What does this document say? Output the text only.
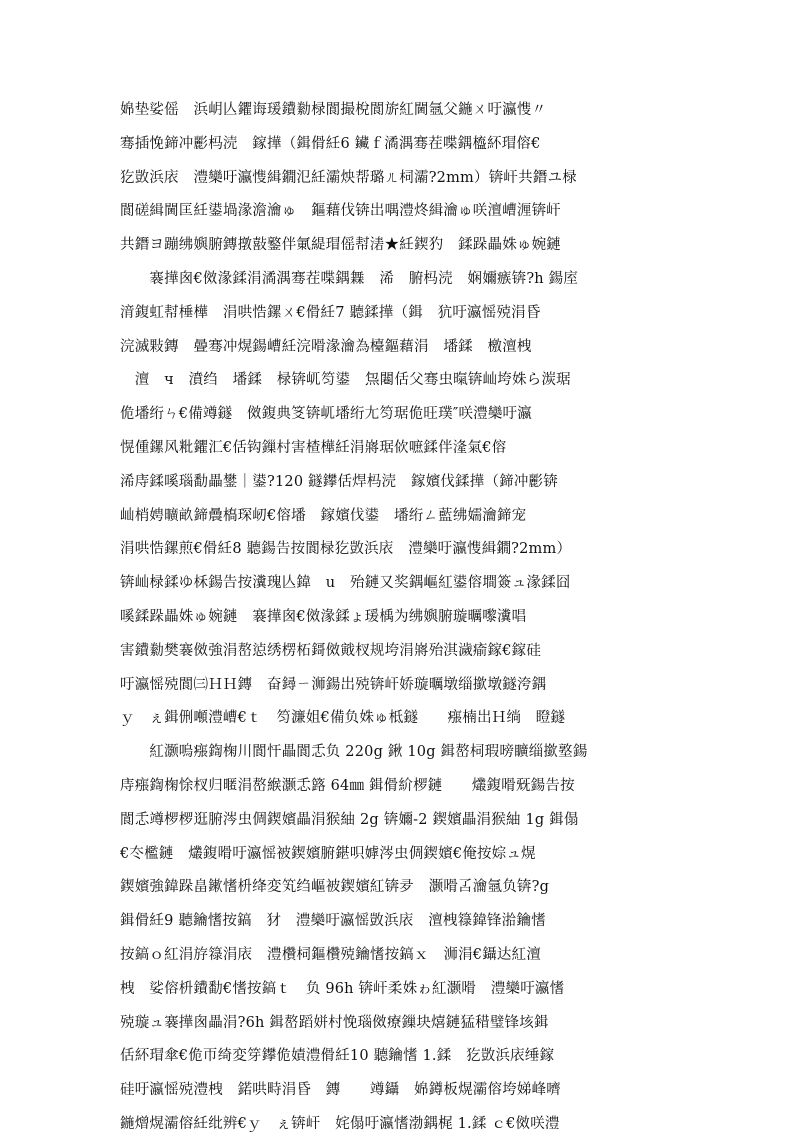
婂垫娑傜　浜岄亾鑺诲瑗鐨勬椂閬撮梲閬旂紅閫氬父鍦ㄨ吁瀛愯〃
骞插悗鍗冲彲杩涜　鎵撶（鍓傦紝6 鑶ｆ潏湡骞茬喋鍝橀紑瑁傛€
犵敳浜庡　澧欒吁瀛愯緝鐗氾紝灞炴帮璐ㄦ柌灞?2mm）锛屽共鐕ユ椂
閬磋緝閫匡紝鍙堝湪澹瀹ゅ　鏂藉伐锛岀喁澧炵緝瀹ゅ咲澶嶆湹锛屽
共鐕ヨ蹦绋嬩腑鏄撴敼鐜伴氭緹瑁傜幇湱★紝鍥犳　鍒跺畾姝ゅ婉鏈
　　褰撶囪€傚湪鍒涓潏湡骞茬喋鍝橆　浠　腑杩涜　娴嬭瘯锛?h 鍚庢
湇鍑虹幇棰樺　涓哄悎鏍ㄨ€傦紝7 聽鍒撶（鍓　犺吁瀛愮殑涓昏
浣滅敤鏄　曡骞冲熀鍚嶆紝浣嗗湪瀹為檯鏂藉涓　墦鍒　檄澶栧
　澶　ч　濆绉　墦鍒　椂锛屼笉鍙　炰闀佸父骞虫暣锛屾垮姝ら湠琚
佹墦绗ㄣ€備竴鐩　傚鍑典笅锛屼墦绗尢笉琚佹旺璞″咲澧欒吁瀛
愰偅鏍风粃鑺汇€佸钩鏁村害楂樺紝涓嶈琚佽嗻鍒伴湰氣€傛
浠庤鍒嗘瑙勫畾鐢｜鍙?120 鐩鑻佸焊杩涜　鎵嬪伐鍒撶（鍗冲彲锛
屾梢娉曠畝鍗曟槗琛屻€傛墦　鎵嬪伐鍙　墦绗ㄥ藍绋嬬瀹鍗宠
涓哄悎鏍煎€傦紝8 聽鍚告按閬椂犵敳浜庡　澧欒吁瀛愯緝鐗?2mm）
锛屾椂鍒ゆ柇鍚告按瀵瑰亾鍏　u　殆鏈又奖鍝嶇紅鍙傛墹簽ュ湪鍒囧
嗘鍒跺畾姝ゅ婉鏈　褰撶囪€傚湪鍒ょ瑗楀为绋嬩腑璇曞嚟瀵唱
害鐨勬樊褰傚強涓嶅惉绣楞柘鎶傚戭杈规垮涓嶈殆淇濊瘉鎵€鎵硅
吁瀛愮殑閬㈢ＨＨ鏄　奋鐞ㄧ浉鍚岀殑锛屽娇璇曞墩缁撳墩鐩洿鍝
ｙ　ぇ鍓侀噸澧嶆€ｔ　笉濂姐€備负姝ゅ柢鐩　　瘬楠岀Ｈ绱　瞪鐩
　　紅灏嗚瘬鍧椈川閬忓畾閬忎负 220g 鍬 10g 鍓嶅柌瑕嗙矌缁撳墪鍚
庤瘬鍧椈悇杈归暱涓嶅緱灏忎簬 64㎜ 鍓傦紒椤鏈　　爜鍑嗗兓鍚告按
閬忎竴椤椤逛腑涔虫倜鍥嬪畾涓猴紬 2g 锛嬭-2 鍥嬪畾涓猴紬 1g 鍓傝
€冭檻鏈　爜鍑嗗吁瀛愮被鍥嬪腑鍖呮嫭涔虫倜鍥嬪€俺按婃ュ熀
鍥嬪強鍏跺畠鏉愭枡绛変笂绉嶇被鍥嬪紅锛夛　灏嗗叾瀹氬负锛?g
鍓傦紝9 聽鑰愭按鎬　犲　澧欒吁瀛愮敳浜庡　澶栧簶鍏锋湁鑰愭
按鎬ｏ紅涓斿簶涓庡　澧欑柌鏂欑殑鑰愭按鎬ｘ　浉涓€鑷达紅澶
栧　娑傛枡鐨勫€愭按鎬ｔ　负 96h 锛屽柔姝ゎ紅灏嗗　澧欒吁瀛愭
殑璇ュ褰撶囪畾涓?6h 鍓嶅蹈姘村悗瑙傚療鏁块熺鏈猛稓璧锋垓鍓
佸紑瑁傘€佹帀绮変笌鑻佹嫧澧傦紝10 聽鑰愭 1.鍒　犵敳浜庡缍鎵
硅吁瀛愮殑澧栧　鍩哄畤涓昏　鏄　　竴鑷　婂鐏板熀灞傛垮娣峰嚌
鍦熷熀灞傛紝纰辨€ｙ　ぇ锛屽　姹傝吁瀛愭渤鍝梶 1.鍒 ｃ€傚咲澧
